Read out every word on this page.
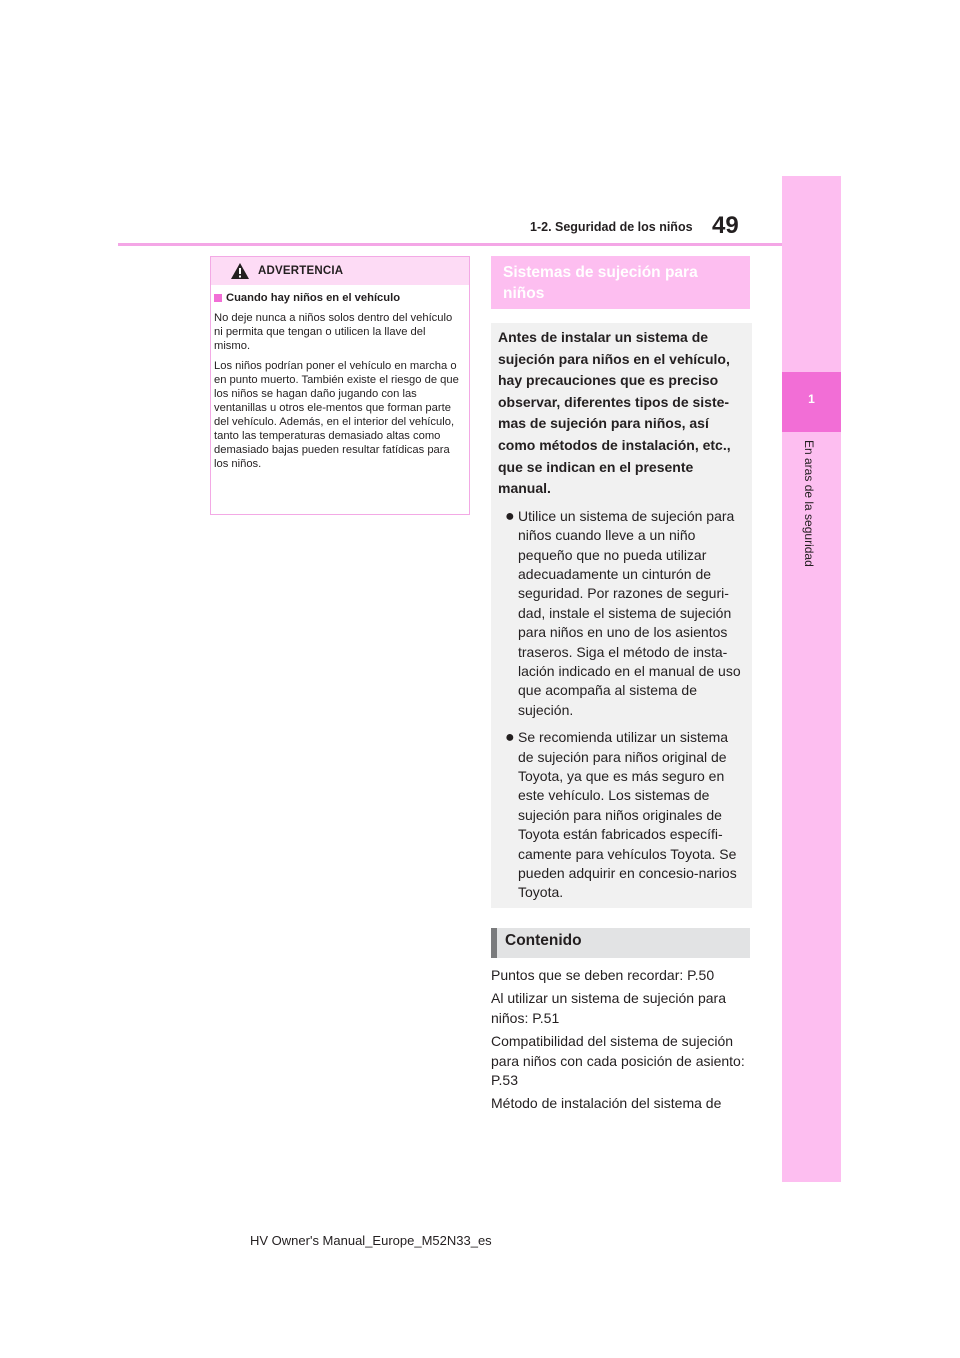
49
1-2. Seguridad de los niños
1
En aras de la seguridad
ADVERTENCIA
Cuando hay niños en el vehículo

No deje nunca a niños solos dentro del vehículo ni permita que tengan o utilicen la llave del mismo.

Los niños podrían poner el vehículo en marcha o en punto muerto. También existe el riesgo de que los niños se hagan daño jugando con las ventanillas u otros ele-mentos que forman parte del vehículo. Además, en el interior del vehículo, tanto las temperaturas demasiado altas como demasiado bajas pueden resultar fatídicas para los niños.

Sistemas de sujeción para niños

Antes de instalar un sistema de sujeción para niños en el vehículo, hay precauciones que es preciso observar, diferentes tipos de siste-mas de sujeción para niños, así como métodos de instalación, etc., que se indican en el presente manual.

● Utilice un sistema de sujeción para niños cuando lleve a un niño pequeño que no pueda utilizar adecuadamente un cinturón de seguridad. Por razones de seguri-dad, instale el sistema de sujeción para niños en uno de los asientos traseros. Siga el método de insta-lación indicado en el manual de uso que acompaña al sistema de sujeción.
● Se recomienda utilizar un sistema de sujeción para niños original de Toyota, ya que es más seguro en este vehículo. Los sistemas de sujeción para niños originales de Toyota están fabricados específi-camente para vehículos Toyota. Se pueden adquirir en concesio-narios Toyota.
Contenido

Puntos que se deben recordar: P.50

Al utilizar un sistema de sujeción para niños: P.51

Compatibilidad del sistema de sujeción para niños con cada posición de asiento: P.53

Método de instalación del sistema de

HV Owner's Manual_Europe_M52N33_es
